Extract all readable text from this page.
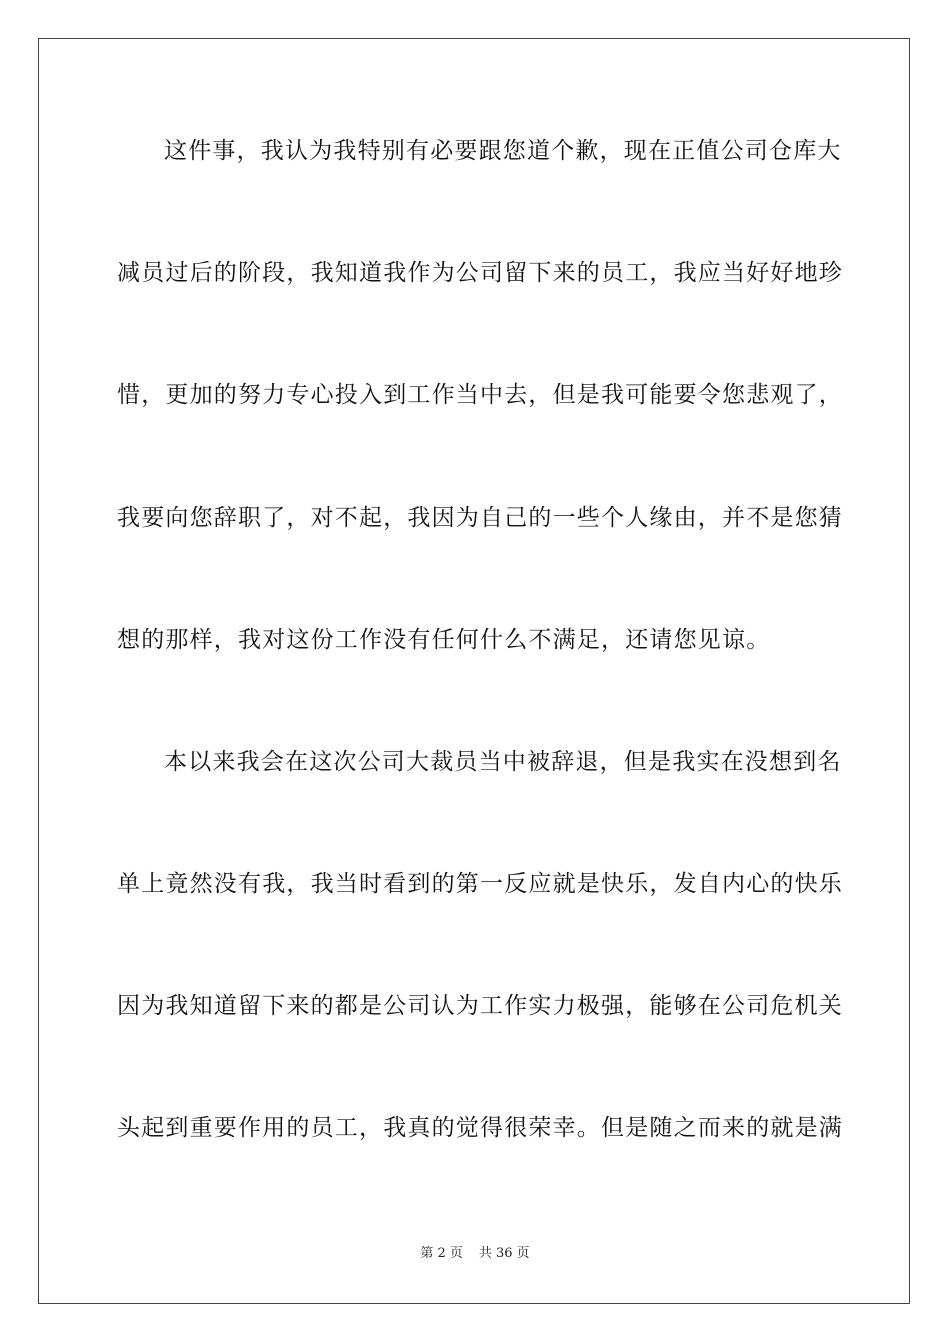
这件事，我认为我特别有必要跟您道个歉，现在正值公司仓库大
减员过后的阶段，我知道我作为公司留下来的员工，我应当好好地珍
惜，更加的努力专心投入到工作当中去，但是我可能要令您悲观了，
我要向您辞职了，对不起，我因为自己的一些个人缘由，并不是您猜
想的那样，我对这份工作没有任何什么不满足，还请您见谅。
本以来我会在这次公司大裁员当中被辞退，但是我实在没想到名
单上竟然没有我，我当时看到的第一反应就是快乐，发自内心的快乐
因为我知道留下来的都是公司认为工作实力极强，能够在公司危机关
头起到重要作用的员工，我真的觉得很荣幸。但是随之而来的就是满
第 2 页 共 36 页
